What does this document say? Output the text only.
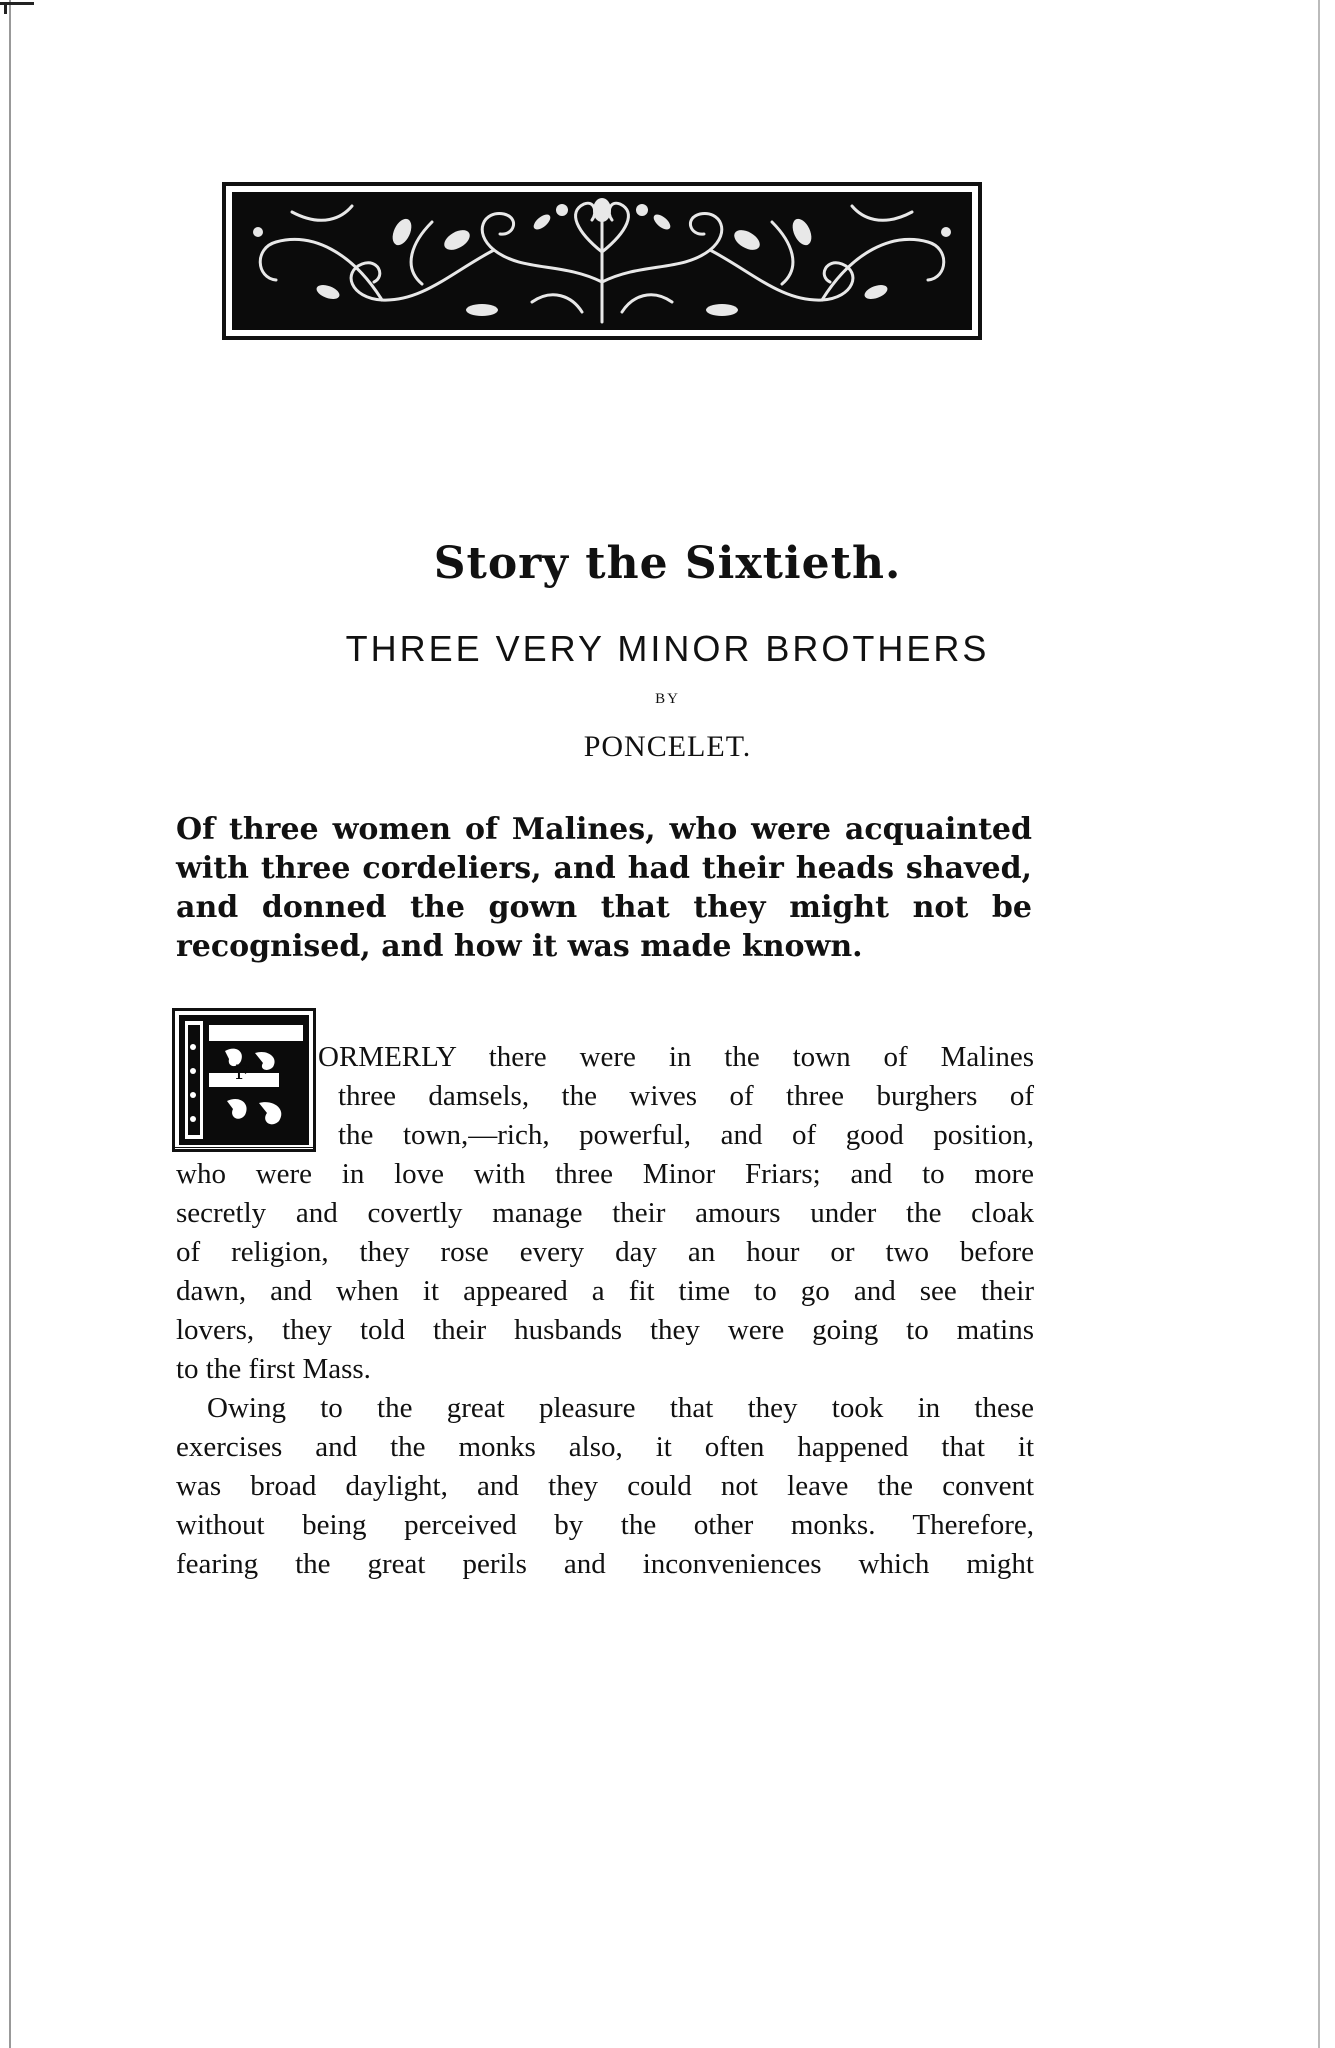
Story the Sixtieth.
THREE VERY MINOR BROTHERS
BY
PONCELET.
Of three women of Malines, who were acquainted with three cordeliers, and had their heads shaved, and donned the gown that they might not be recognised, and how it was made known.
F ORMERLY there were in the town of Malines
three damsels, the wives of three burghers of
the town,—rich, powerful, and of good position,
who were in love with three Minor Friars; and to more
secretly and covertly manage their amours under the cloak
of religion, they rose every day an hour or two before
dawn, and when it appeared a fit time to go and see their
lovers, they told their husbands they were going to matins
to the first Mass.
Owing to the great pleasure that they took in these
exercises and the monks also, it often happened that it
was broad daylight, and they could not leave the convent
without being perceived by the other monks. Therefore,
fearing the great perils and inconveniences which might
